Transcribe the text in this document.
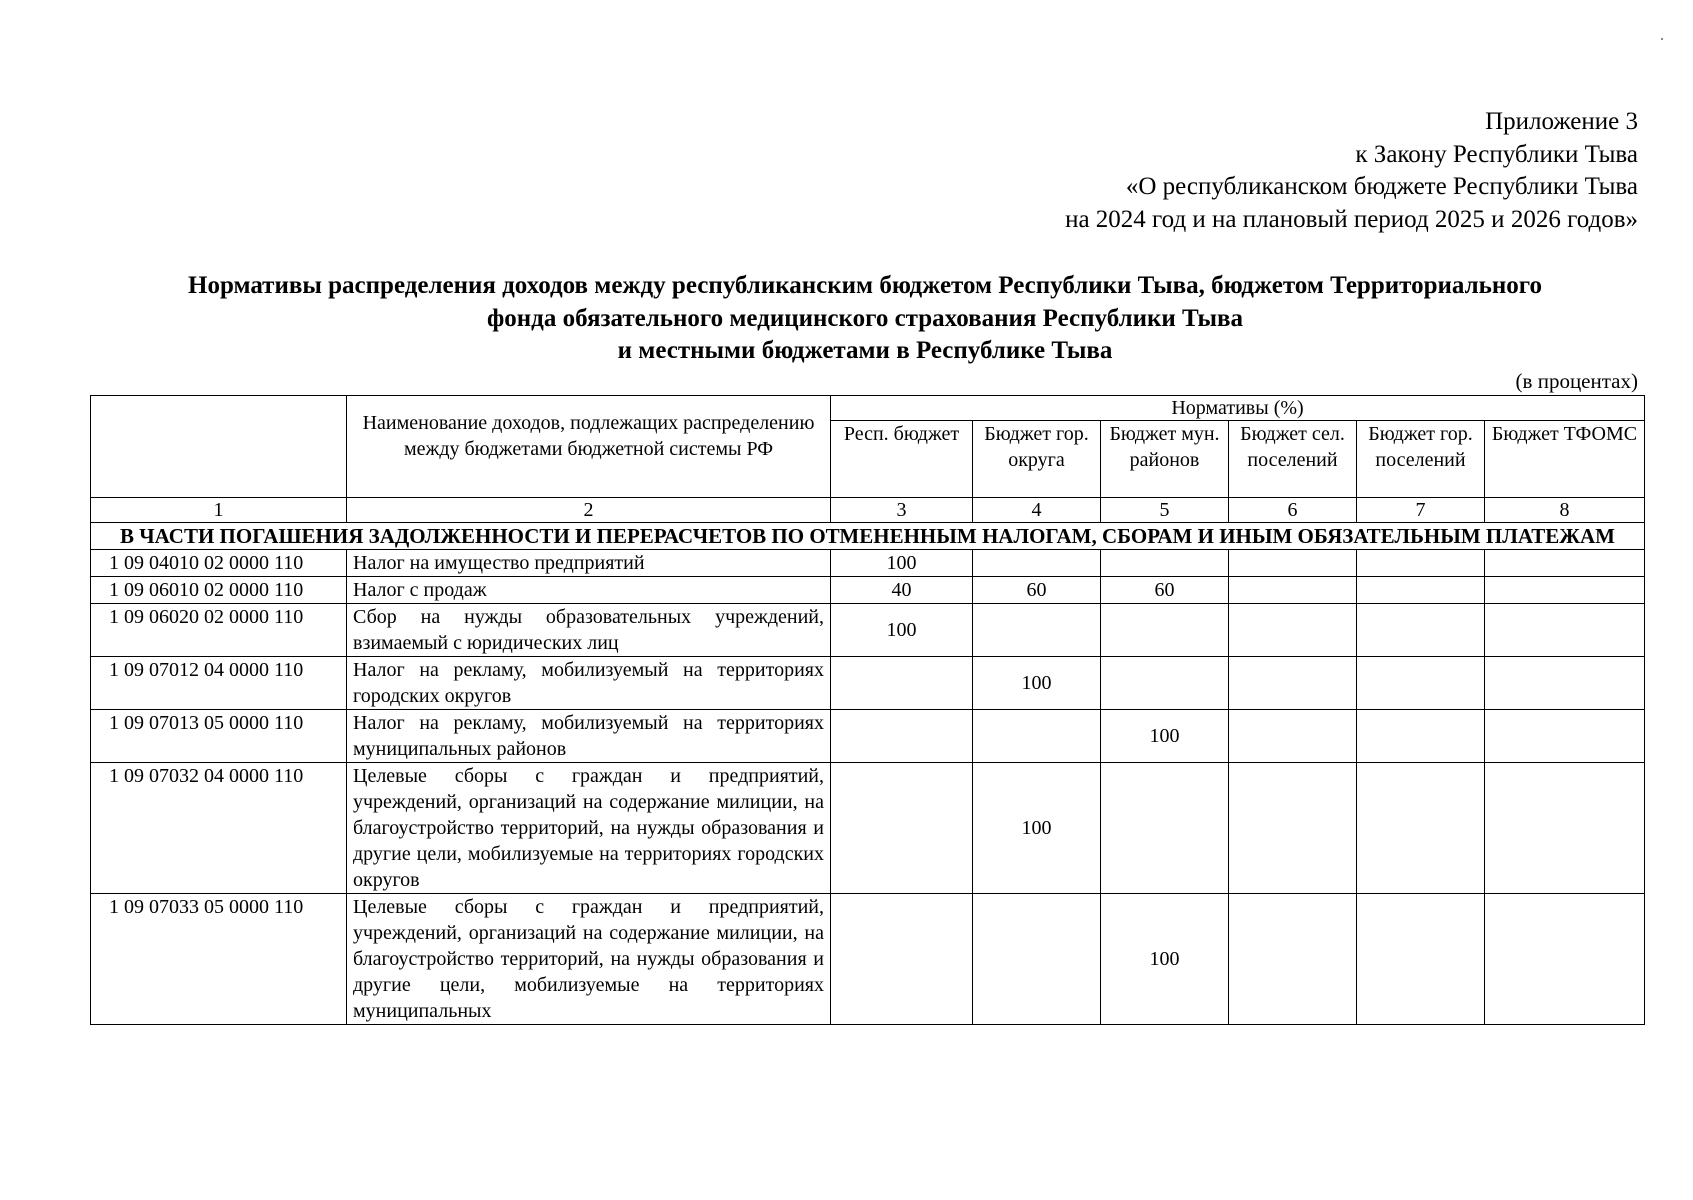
Приложение 3
к Закону Республики Тыва
«О республиканском бюджете Республики Тыва
на 2024 год и на плановый период 2025 и 2026 годов»
Нормативы распределения доходов между республиканским бюджетом Республики Тыва, бюджетом Территориального
фонда обязательного медицинского страхования Республики Тыва
и местными бюджетами в Республике Тыва
(в процентах)
	Наименование доходов, подлежащих распределению между бюджетами бюджетной системы РФ	Нормативы (%)					
		Респ. бюджет	Бюджет гор. округа	Бюджет мун. районов	Бюджет сел. поселений	Бюджет гор. поселений	Бюджет ТФОМС
1	2	3	4	5	6	7	8
В ЧАСТИ ПОГАШЕНИЯ ЗАДОЛЖЕННОСТИ И ПЕРЕРАСЧЕТОВ ПО ОТМЕНЕННЫМ НАЛОГАМ, СБОРАМ И ИНЫМ ОБЯЗАТЕЛЬНЫМ ПЛАТЕЖАМ							
1 09 04010 02 0000 110	Налог на имущество предприятий	100					
1 09 06010 02 0000 110	Налог с продаж	40	60	60			
1 09 06020 02 0000 110	Сбор на нужды образовательных учреждений, взимаемый с юридических лиц	100					
1 09 07012 04 0000 110	Налог на рекламу, мобилизуемый на территориях городских округов		100				
1 09 07013 05 0000 110	Налог на рекламу, мобилизуемый на территориях муниципальных районов			100			
1 09 07032 04 0000 110	Целевые сборы с граждан и предприятий, учреждений, организаций на содержание милиции, на благоустройство территорий, на нужды образования и другие цели, мобилизуемые на территориях городских округов		100				
1 09 07033 05 0000 110	Целевые сборы с граждан и предприятий, учреждений, организаций на содержание милиции, на благоустройство территорий, на нужды образования и другие цели, мобилизуемые на территориях муниципальных			100			
